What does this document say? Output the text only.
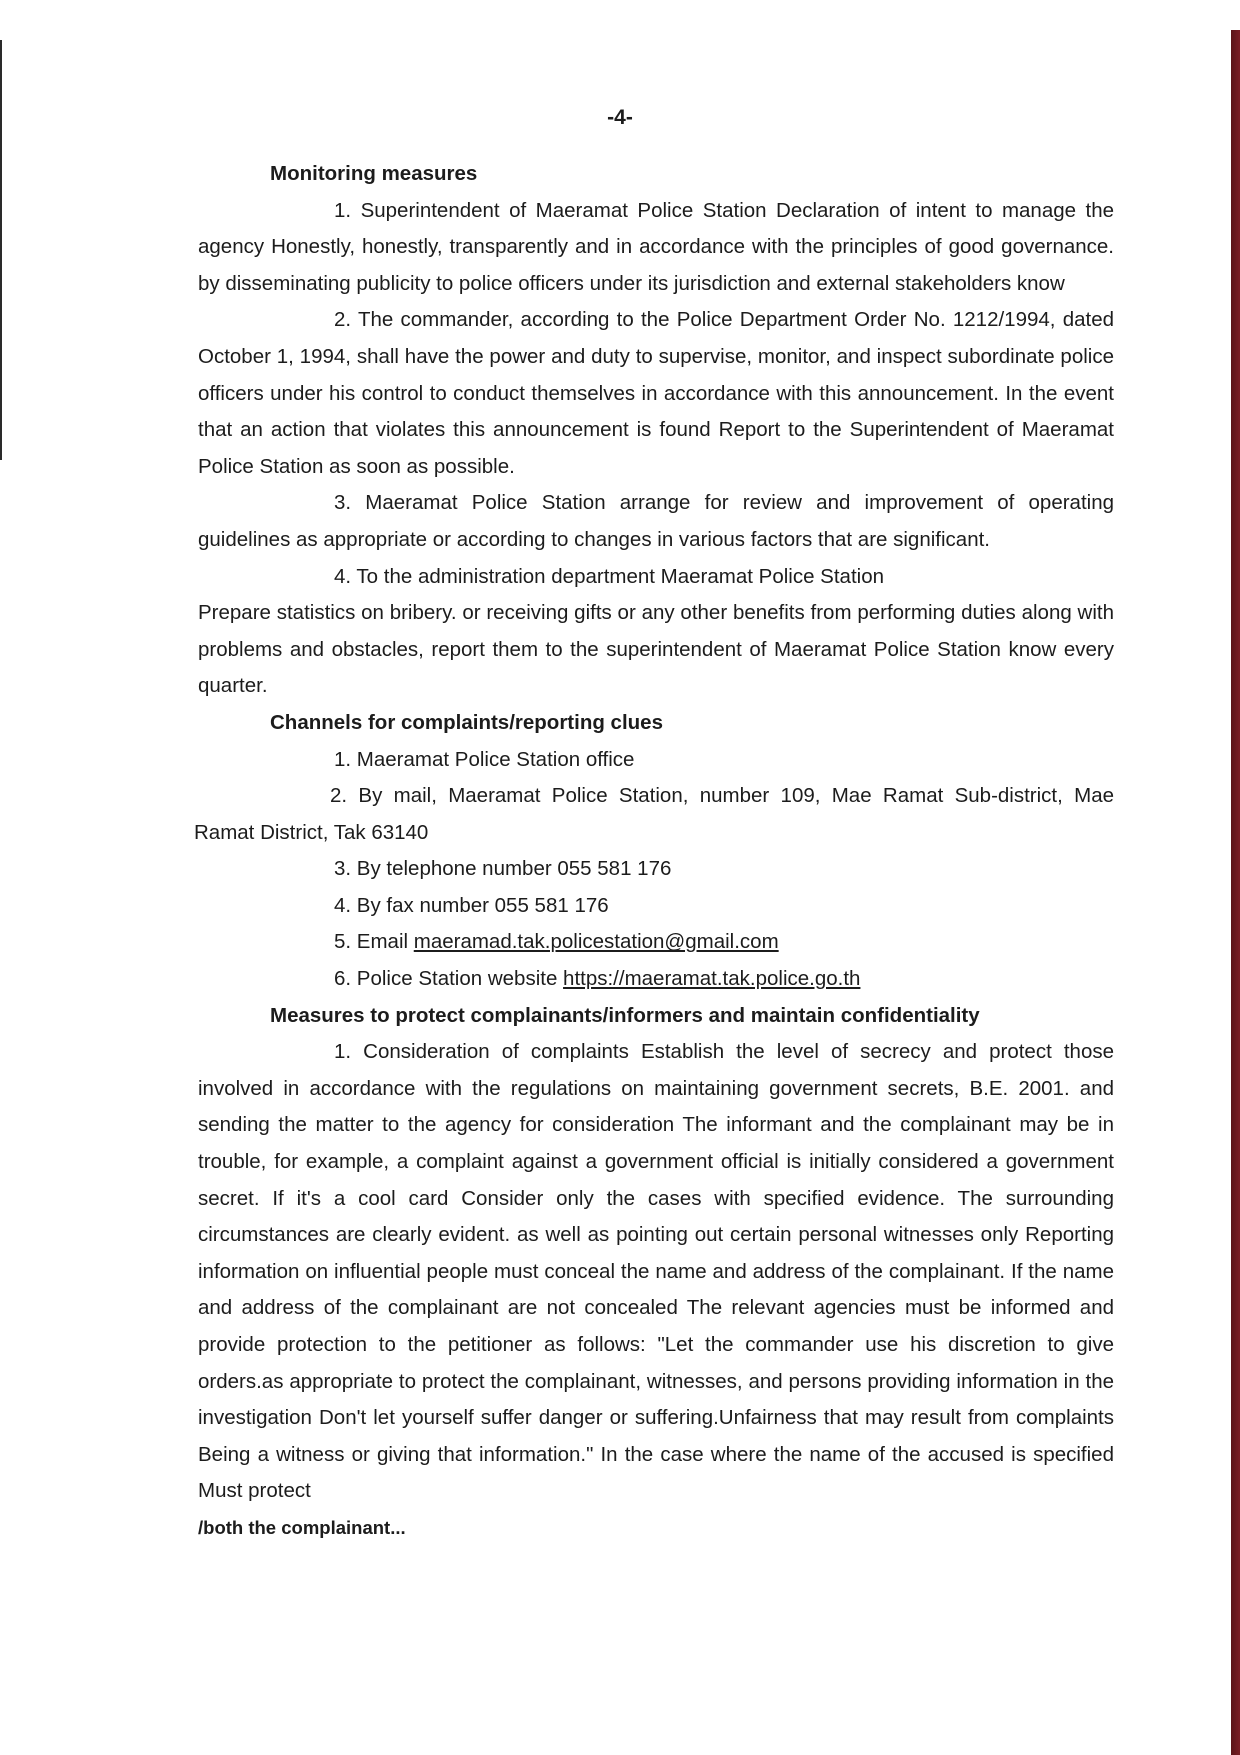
-4-

Monitoring measures

1. Superintendent of Maeramat Police Station Declaration of intent to manage the agency Honestly, honestly, transparently and in accordance with the principles of good governance. by disseminating publicity to police officers under its jurisdiction and external stakeholders know

2. The commander, according to the Police Department Order No. 1212/1994, dated October 1, 1994, shall have the power and duty to supervise, monitor, and inspect subordinate police officers under his control to conduct themselves in accordance with this announcement. In the event that an action that violates this announcement is found Report to the Superintendent of Maeramat Police Station as soon as possible.

3. Maeramat Police Station arrange for review and improvement of operating guidelines as appropriate or according to changes in various factors that are significant.

4. To the administration department Maeramat Police Station

Prepare statistics on bribery. or receiving gifts or any other benefits from performing duties along with problems and obstacles, report them to the superintendent of Maeramat Police Station know every quarter.

Channels for complaints/reporting clues

1. Maeramat Police Station office

2. By mail, Maeramat Police Station, number 109, Mae Ramat Sub-district, Mae Ramat District, Tak 63140

3. By telephone number 055 581 176

4. By fax number 055 581 176

5. Email maeramad.tak.policestation@gmail.com

6. Police Station website https://maeramat.tak.police.go.th

Measures to protect complainants/informers and maintain confidentiality

1. Consideration of complaints Establish the level of secrecy and protect those involved in accordance with the regulations on maintaining government secrets, B.E. 2001. and sending the matter to the agency for consideration The informant and the complainant may be in trouble, for example, a complaint against a government official is initially considered a government secret. If it's a cool card Consider only the cases with specified evidence. The surrounding circumstances are clearly evident. as well as pointing out certain personal witnesses only Reporting information on influential people must conceal the name and address of the complainant. If the name and address of the complainant are not concealed The relevant agencies must be informed and provide protection to the petitioner as follows: "Let the commander use his discretion to give orders.as appropriate to protect the complainant, witnesses, and persons providing information in the investigation Don't let yourself suffer danger or suffering.Unfairness that may result from complaints Being a witness or giving that information." In the case where the name of the accused is specified Must protect

/both the complainant...
